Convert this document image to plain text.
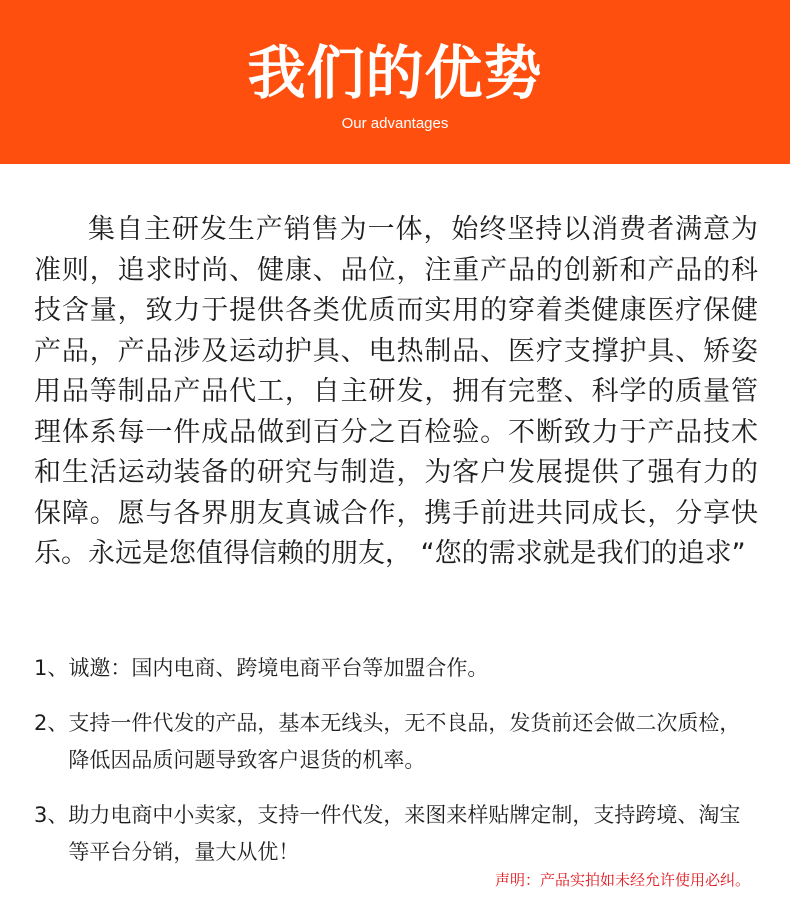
我们的优势
Our advantages

集自主研发生产销售为一体，始终坚持以消费者满意为准则，追求时尚、健康、品位，注重产品的创新和产品的科技含量，致力于提供各类优质而实用的穿着类健康医疗保健产品，产品涉及运动护具、电热制品、医疗支撑护具、矫姿用品等制品产品代工，自主研发，拥有完整、科学的质量管理体系每一件成品做到百分之百检验。不断致力于产品技术和生活运动装备的研究与制造，为客户发展提供了强有力的保障。愿与各界朋友真诚合作，携手前进共同成长，分享快乐。永远是您值得信赖的朋友， “您的需求就是我们的追求”

1、 诚邀：国内电商、跨境电商平台等加盟合作。
2、 支持一件代发的产品，基本无线头，无不良品，发货前还会做二次质检，降低因品质问题导致客户退货的机率。
3、 助力电商中小卖家，支持一件代发，来图来样贴牌定制，支持跨境、淘宝等平台分销，量大从优！
声明：产品实拍如未经允许使用必纠。
